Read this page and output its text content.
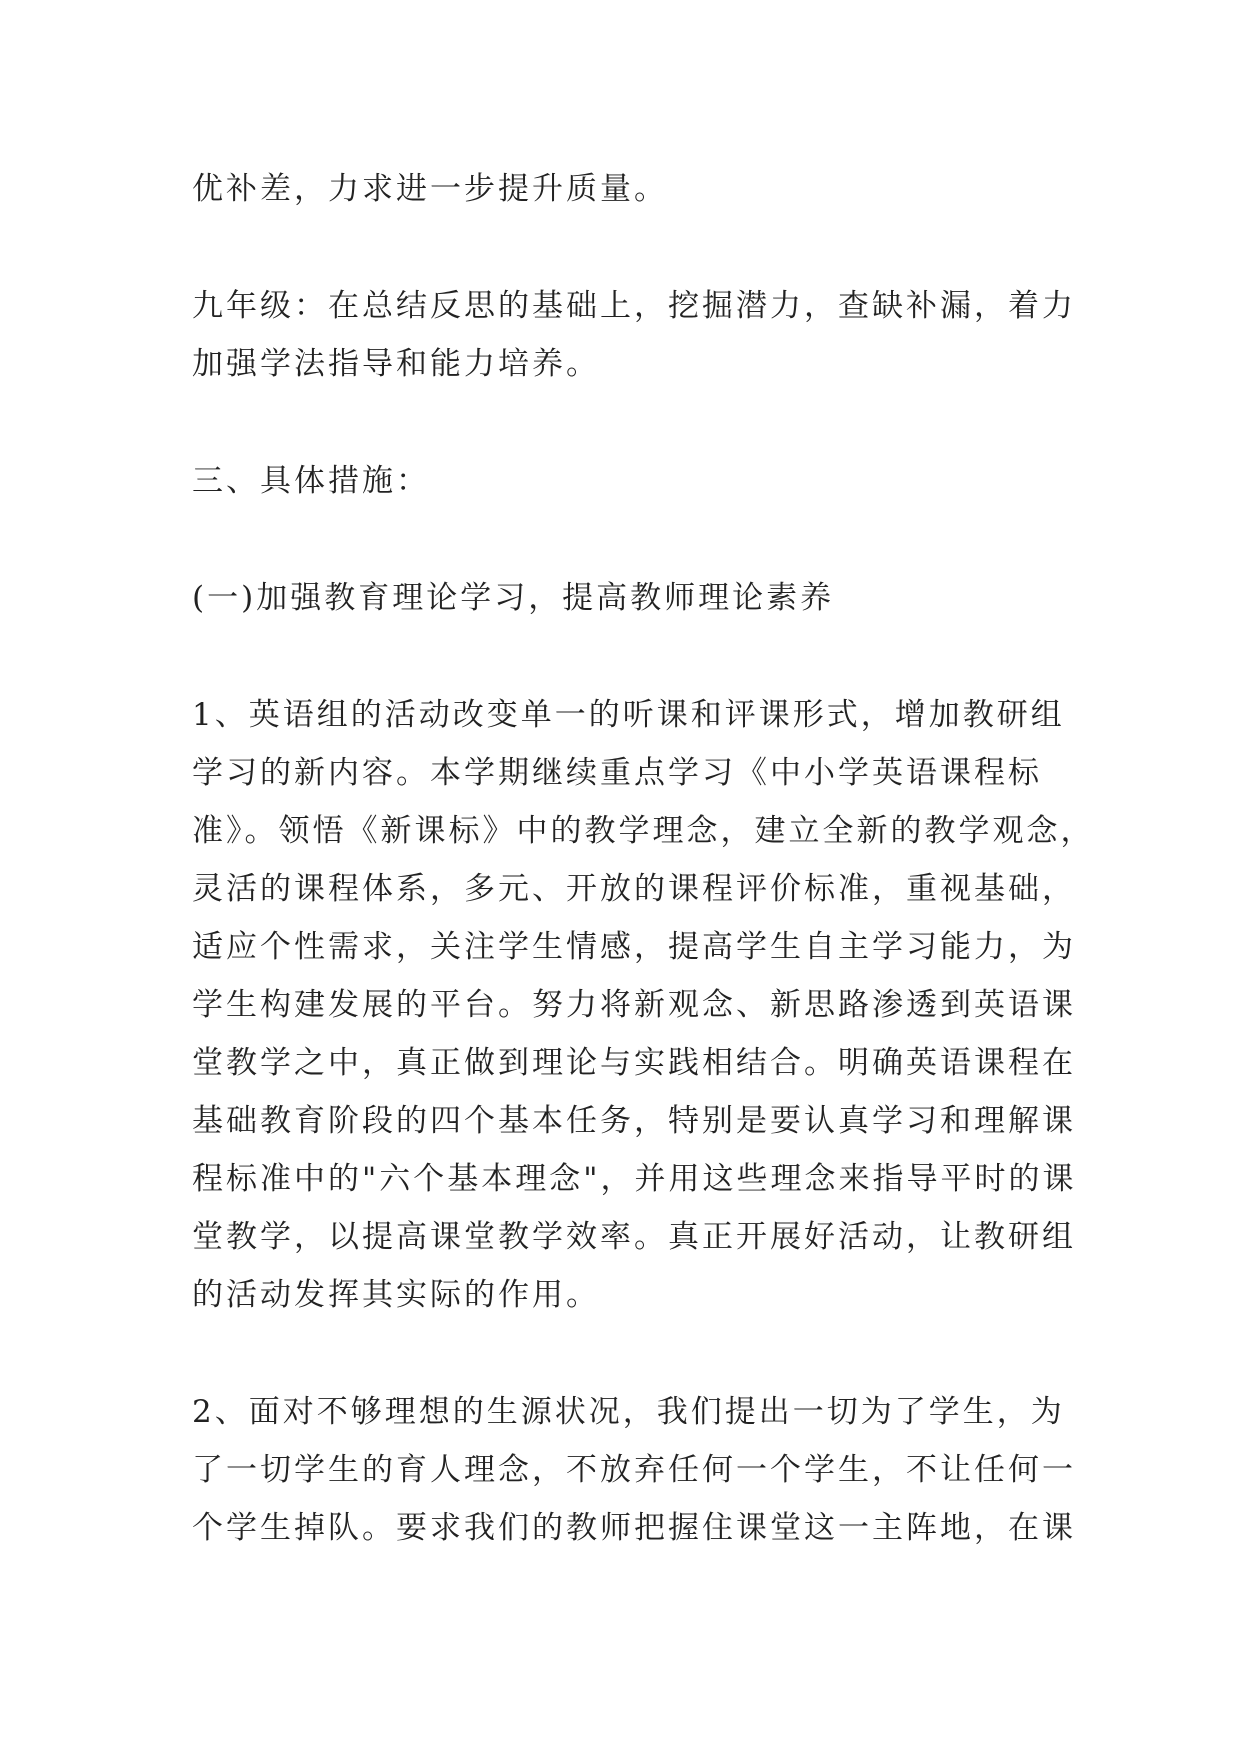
优补差，力求进一步提升质量。

九年级：在总结反思的基础上，挖掘潜力，查缺补漏，着力
加强学法指导和能力培养。

三、具体措施：

(一)加强教育理论学习，提高教师理论素养

1、英语组的活动改变单一的听课和评课形式，增加教研组
学习的新内容。本学期继续重点学习《中小学英语课程标
准》。领悟《新课标》中的教学理念，建立全新的教学观念，
灵活的课程体系，多元、开放的课程评价标准，重视基础，
适应个性需求，关注学生情感，提高学生自主学习能力，为
学生构建发展的平台。努力将新观念、新思路渗透到英语课
堂教学之中，真正做到理论与实践相结合。明确英语课程在
基础教育阶段的四个基本任务，特别是要认真学习和理解课
程标准中的"六个基本理念"，并用这些理念来指导平时的课
堂教学，以提高课堂教学效率。真正开展好活动，让教研组
的活动发挥其实际的作用。

2、面对不够理想的生源状况，我们提出一切为了学生，为
了一切学生的育人理念，不放弃任何一个学生，不让任何一
个学生掉队。要求我们的教师把握住课堂这一主阵地，在课
